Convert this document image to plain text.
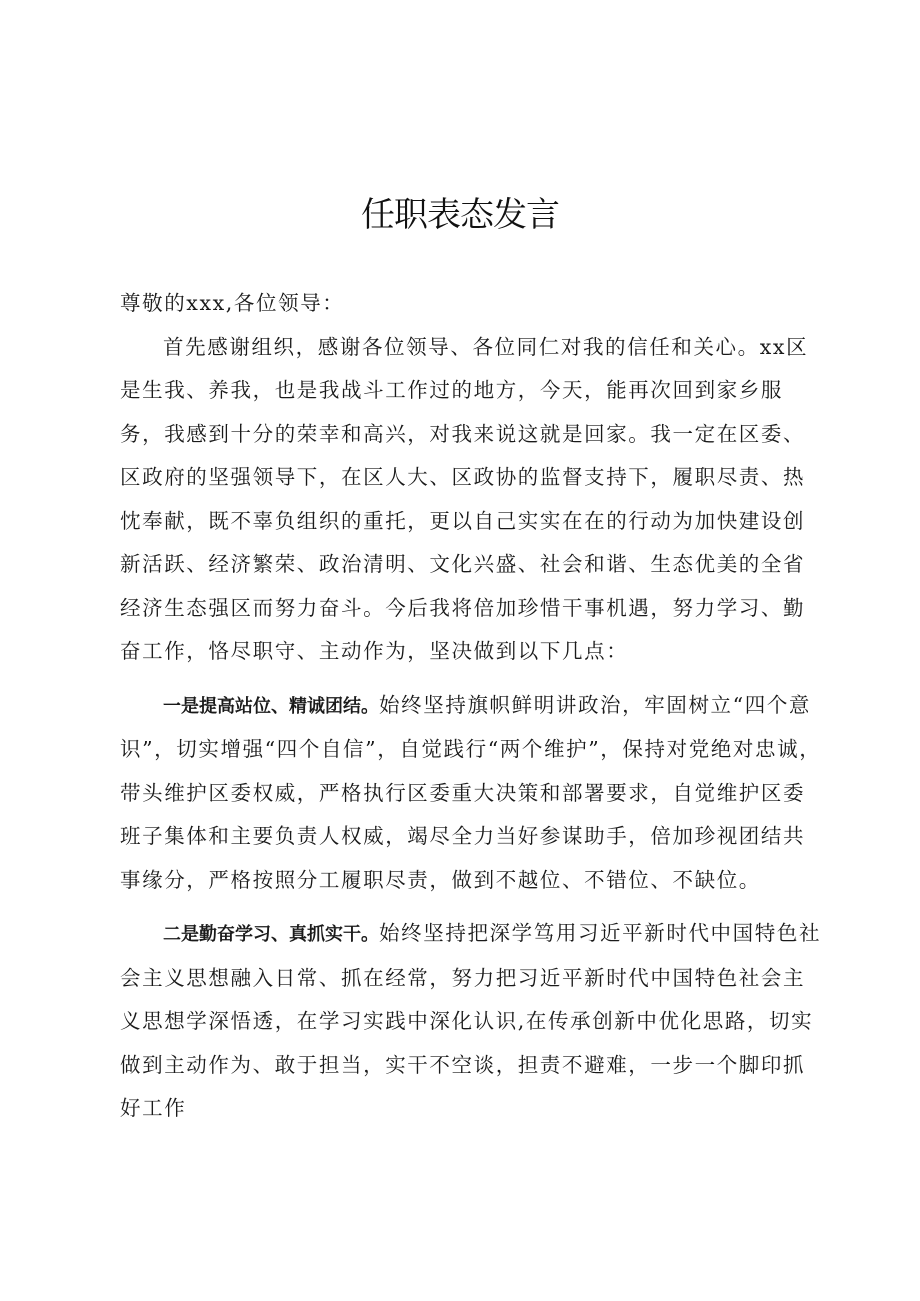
任职表态发言

尊敬的xxx,各位领导：

首先感谢组织，感谢各位领导、各位同仁对我的信任和关心。xx区是生我、养我，也是我战斗工作过的地方，今天，能再次回到家乡服务，我感到十分的荣幸和高兴，对我来说这就是回家。我一定在区委、区政府的坚强领导下，在区人大、区政协的监督支持下，履职尽责、热忱奉献，既不辜负组织的重托，更以自己实实在在的行动为加快建设创新活跃、经济繁荣、政治清明、文化兴盛、社会和谐、生态优美的全省经济生态强区而努力奋斗。今后我将倍加珍惜干事机遇，努力学习、勤奋工作，恪尽职守、主动作为，坚决做到以下几点：

一是提高站位、精诚团结。始终坚持旗帜鲜明讲政治，牢固树立“四个意识”，切实增强“四个自信”，自觉践行“两个维护”，保持对党绝对忠诚，带头维护区委权威，严格执行区委重大决策和部署要求，自觉维护区委班子集体和主要负责人权威，竭尽全力当好参谋助手，倍加珍视团结共事缘分，严格按照分工履职尽责，做到不越位、不错位、不缺位。

二是勤奋学习、真抓实干。始终坚持把深学笃用习近平新时代中国特色社会主义思想融入日常、抓在经常，努力把习近平新时代中国特色社会主义思想学深悟透，在学习实践中深化认识,在传承创新中优化思路，切实做到主动作为、敢于担当，实干不空谈，担责不避难，一步一个脚印抓好工作
